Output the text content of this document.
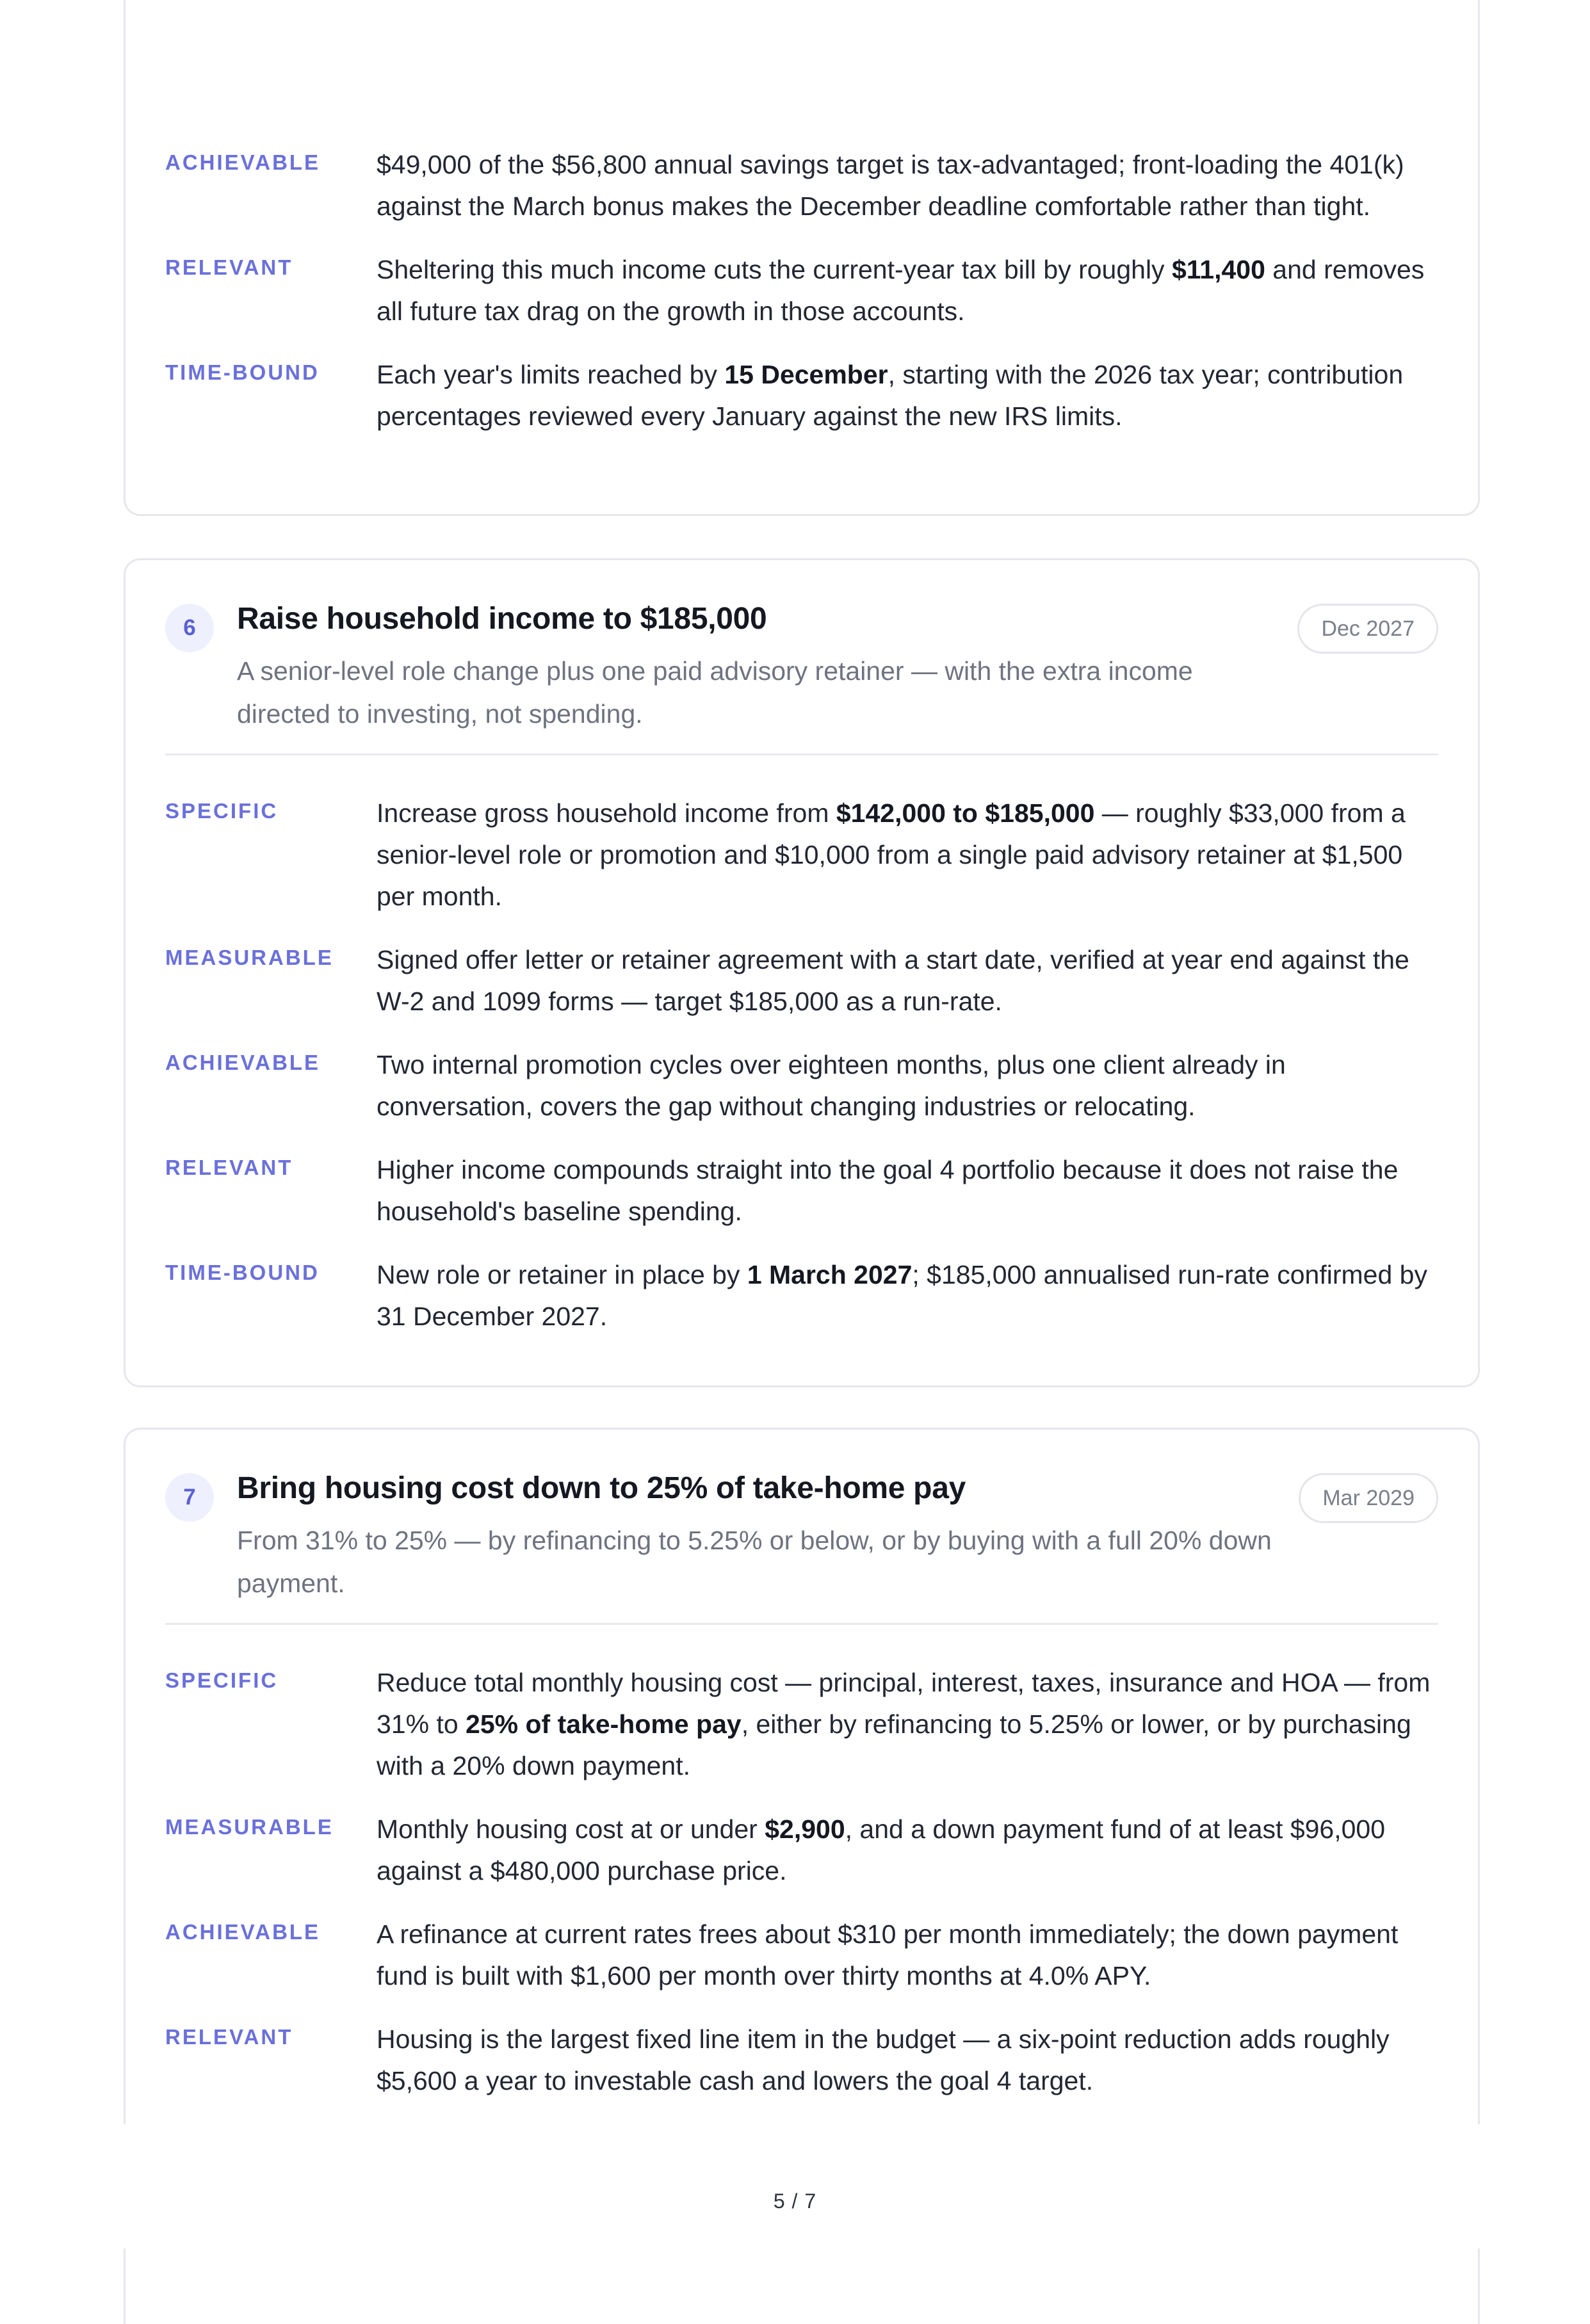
ACHIEVABLE $49,000 of the $56,800 annual savings target is tax-advantaged; front-loading the 401(k) against the March bonus makes the December deadline comfortable rather than tight.
RELEVANT	Sheltering this much income cuts the current-year tax bill by roughly $11,400 and removes all future tax drag on the growth in those accounts.
TIME-BOUND Each year's limits reached by 15 December, starting with the 2026 tax year; contribution percentages reviewed every January against the new IRS limits.
6	Raise household income to $185,000
A senior-level role change plus one paid advisory retainer — with the extra income directed to investing, not spending.
Dec 2027
SPECIFIC	Increase gross household income from $142,000 to $185,000 — roughly $33,000 from a senior-level role or promotion and $10,000 from a single paid advisory retainer at $1,500 per month.
MEASURABLE Signed offer letter or retainer agreement with a start date, verified at year end against the W-2 and 1099 forms — target $185,000 as a run-rate.
ACHIEVABLE Two internal promotion cycles over eighteen months, plus one client already in conversation, covers the gap without changing industries or relocating.
RELEVANT	Higher income compounds straight into the goal 4 portfolio because it does not raise the household's baseline spending.
TIME-BOUND New role or retainer in place by 1 March 2027; $185,000 annualised run-rate confirmed by 31 December 2027.
7	Bring housing cost down to 25% of take-home pay
From 31% to 25% — by refinancing to 5.25% or below, or by buying with a full 20% down payment.
Mar 2029
SPECIFIC	Reduce total monthly housing cost — principal, interest, taxes, insurance and HOA — from 31% to 25% of take-home pay, either by refinancing to 5.25% or lower, or by purchasing with a 20% down payment.
MEASURABLE Monthly housing cost at or under $2,900, and a down payment fund of at least $96,000 against a $480,000 purchase price.
ACHIEVABLE A refinance at current rates frees about $310 per month immediately; the down payment fund is built with $1,600 per month over thirty months at 4.0% APY.
RELEVANT	Housing is the largest fixed line item in the budget — a six-point reduction adds roughly $5,600 a year to investable cash and lowers the goal 4 target.
5 / 7
